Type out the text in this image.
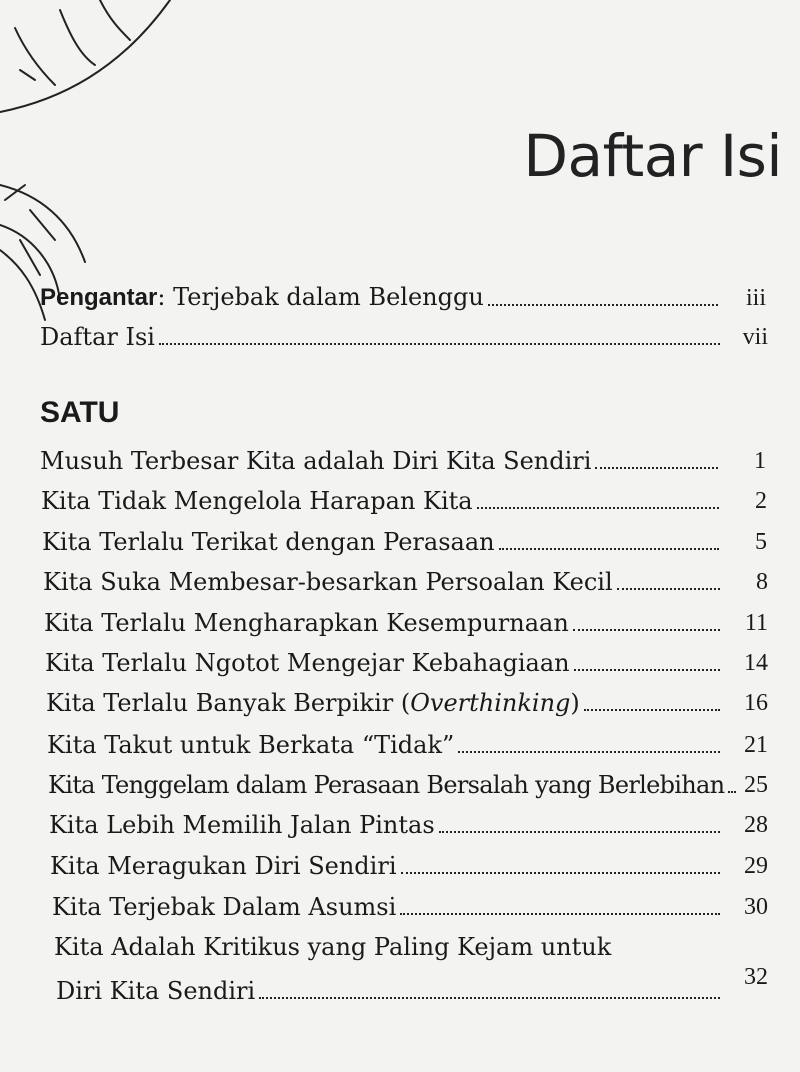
Daftar Isi
Pengantar: Terjebak dalam Belenggu	iii
Daftar Isi	vii
SATU
Musuh Terbesar Kita adalah Diri Kita Sendiri	1
Kita Tidak Mengelola Harapan Kita	2
Kita Terlalu Terikat dengan Perasaan	5
Kita Suka Membesar-besarkan Persoalan Kecil	8
Kita Terlalu Mengharapkan Kesempurnaan	11
Kita Terlalu Ngotot Mengejar Kebahagiaan	14
Kita Terlalu Banyak Berpikir (Overthinking)	16
Kita Takut untuk Berkata “Tidak”	21
Kita Tenggelam dalam Perasaan Bersalah yang Berlebihan 25
Kita Lebih Memilih Jalan Pintas	28
Kita Meragukan Diri Sendiri	29
Kita Terjebak Dalam Asumsi	30
Kita Adalah Kritikus yang Paling Kejam untuk
Diri Kita Sendiri	32
